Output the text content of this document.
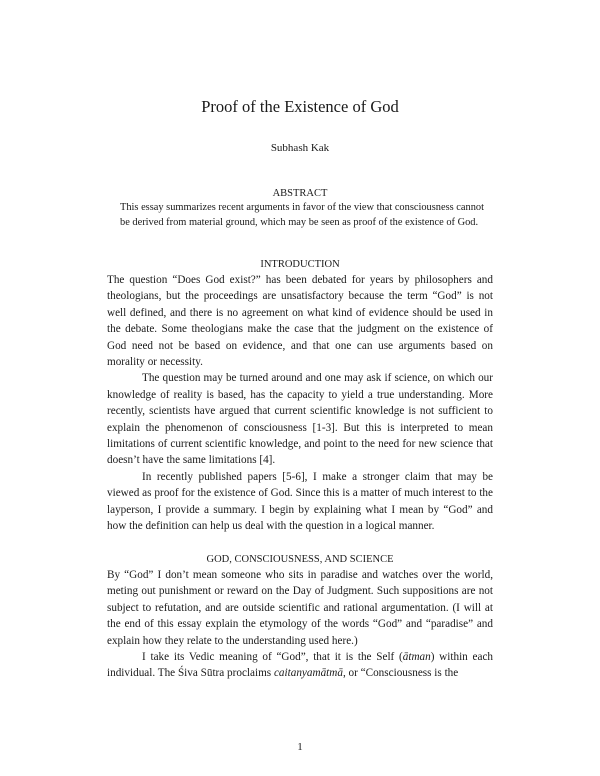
Proof of the Existence of God
Subhash Kak
ABSTRACT
This essay summarizes recent arguments in favor of the view that consciousness cannot be derived from material ground, which may be seen as proof of the existence of God.
INTRODUCTION

The question “Does God exist?” has been debated for years by philosophers and theologians, but the proceedings are unsatisfactory because the term “God” is not well defined, and there is no agreement on what kind of evidence should be used in the debate. Some theologians make the case that the judgment on the existence of God need not be based on evidence, and that one can use arguments based on morality or necessity.

The question may be turned around and one may ask if science, on which our knowledge of reality is based, has the capacity to yield a true understanding. More recently, scientists have argued that current scientific knowledge is not sufficient to explain the phenomenon of consciousness [1-3]. But this is interpreted to mean limitations of current scientific knowledge, and point to the need for new science that doesn’t have the same limitations [4].

In recently published papers [5-6], I make a stronger claim that may be viewed as proof for the existence of God. Since this is a matter of much interest to the layperson, I provide a summary. I begin by explaining what I mean by “God” and how the definition can help us deal with the question in a logical manner.

GOD, CONSCIOUSNESS, AND SCIENCE

By “God” I don’t mean someone who sits in paradise and watches over the world, meting out punishment or reward on the Day of Judgment. Such suppositions are not subject to refutation, and are outside scientific and rational argumentation. (I will at the end of this essay explain the etymology of the words “God” and “paradise” and explain how they relate to the understanding used here.)

I take its Vedic meaning of “God”, that it is the Self (ātman) within each individual. The Śiva Sūtra proclaims caitanyamātmā, or “Consciousness is the

1
